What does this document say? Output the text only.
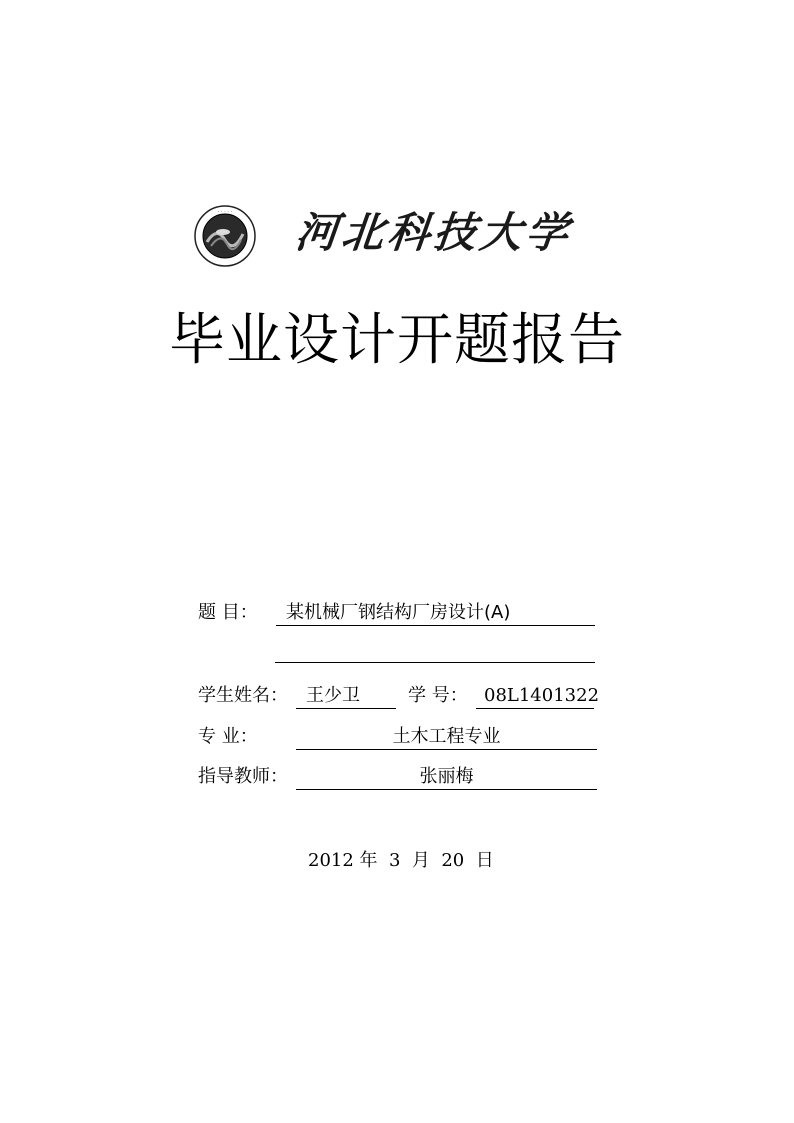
· · · · · 河北科技大学
毕业设计开题报告
题 目：	某机械厂钢结构厂房设计(A)
学生姓名：	王少卫	学 号： 08L1401322
专 业：	土木工程专业
指导教师：	张丽梅
2012 年 3 月 20 日
